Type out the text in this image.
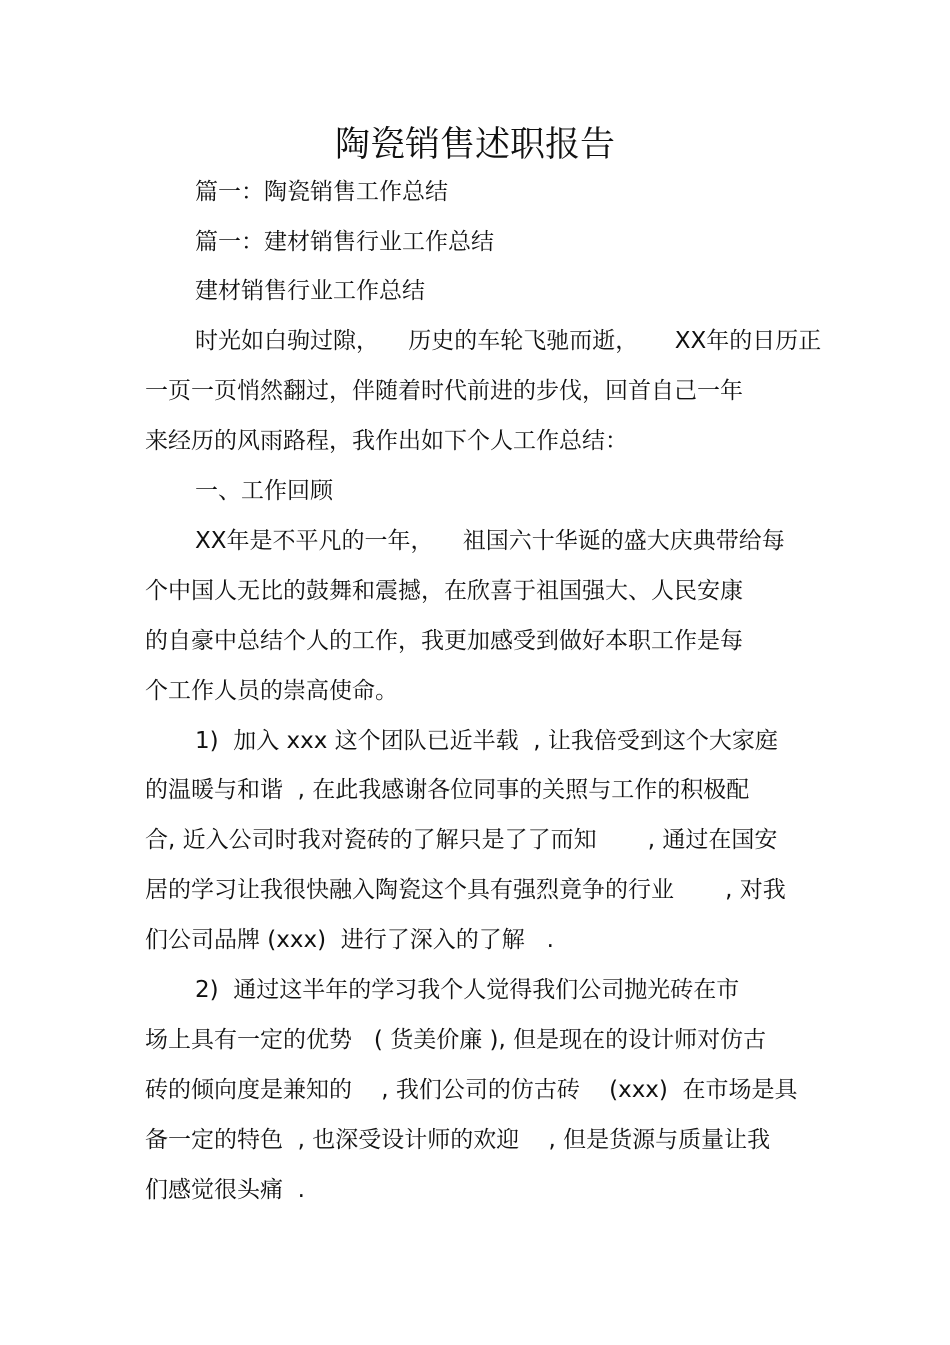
陶瓷销售述职报告

篇一：陶瓷销售工作总结

篇一：建材销售行业工作总结

建材销售行业工作总结

时光如白驹过隙，    历史的车轮飞驰而逝，     XX年的日历正

一页一页悄然翻过，伴随着时代前进的步伐，回首自己一年

来经历的风雨路程，我作出如下个人工作总结：

一、工作回顾

XX年是不平凡的一年，    祖国六十华诞的盛大庆典带给每

个中国人无比的鼓舞和震撼，在欣喜于祖国强大、人民安康

的自豪中总结个人的工作，我更加感受到做好本职工作是每

个工作人员的崇高使命。

1)  加入 xxx 这个团队已近半载  , 让我倍受到这个大家庭

的温暖与和谐  , 在此我感谢各位同事的关照与工作的积极配

合, 近入公司时我对瓷砖的了解只是了了而知       , 通过在国安

居的学习让我很快融入陶瓷这个具有强烈竟争的行业       , 对我

们公司品牌 (xxx)  进行了深入的了解   .

2)  通过这半年的学习我个人觉得我们公司抛光砖在市

场上具有一定的优势   ( 货美价廉 ), 但是现在的设计师对仿古

砖的倾向度是兼知的    , 我们公司的仿古砖    (xxx)  在市场是具

备一定的特色  , 也深受设计师的欢迎    , 但是货源与质量让我

们感觉很头痛  .
